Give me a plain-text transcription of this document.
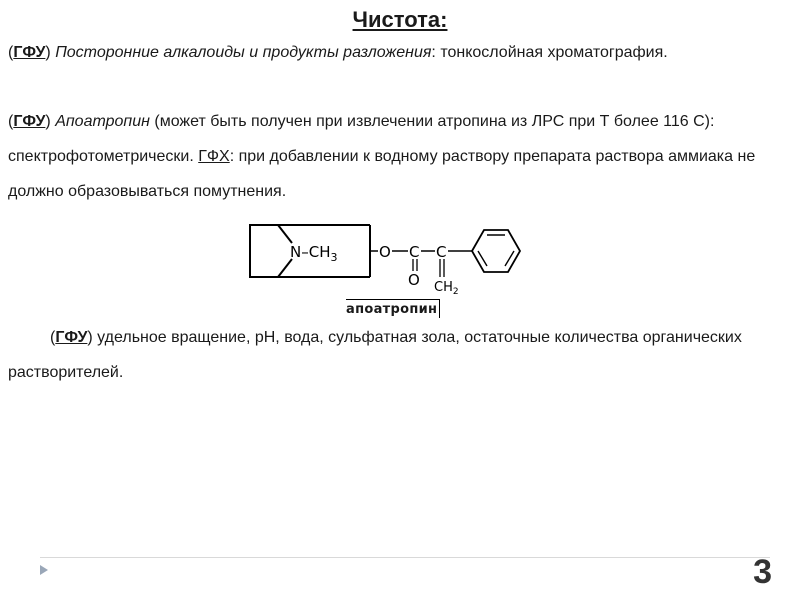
Чистота:

(ГФУ) Посторонние алкалоиды и продукты разложения: тонкослойная хроматография.

(ГФУ) Апоатропин (может быть получен при извлечении атропина из ЛРС при Т более 116 С): спектрофотометрически. ГФХ: при добавлении к водному раствору препарата раствора аммиака не должно образовываться помутнения.

$N-CH_3$	O C C
O $CH_2$
апоатропин

(ГФУ) удельное вращение, pH, вода, сульфатная зола, остаточные количества органических растворителей.

3
